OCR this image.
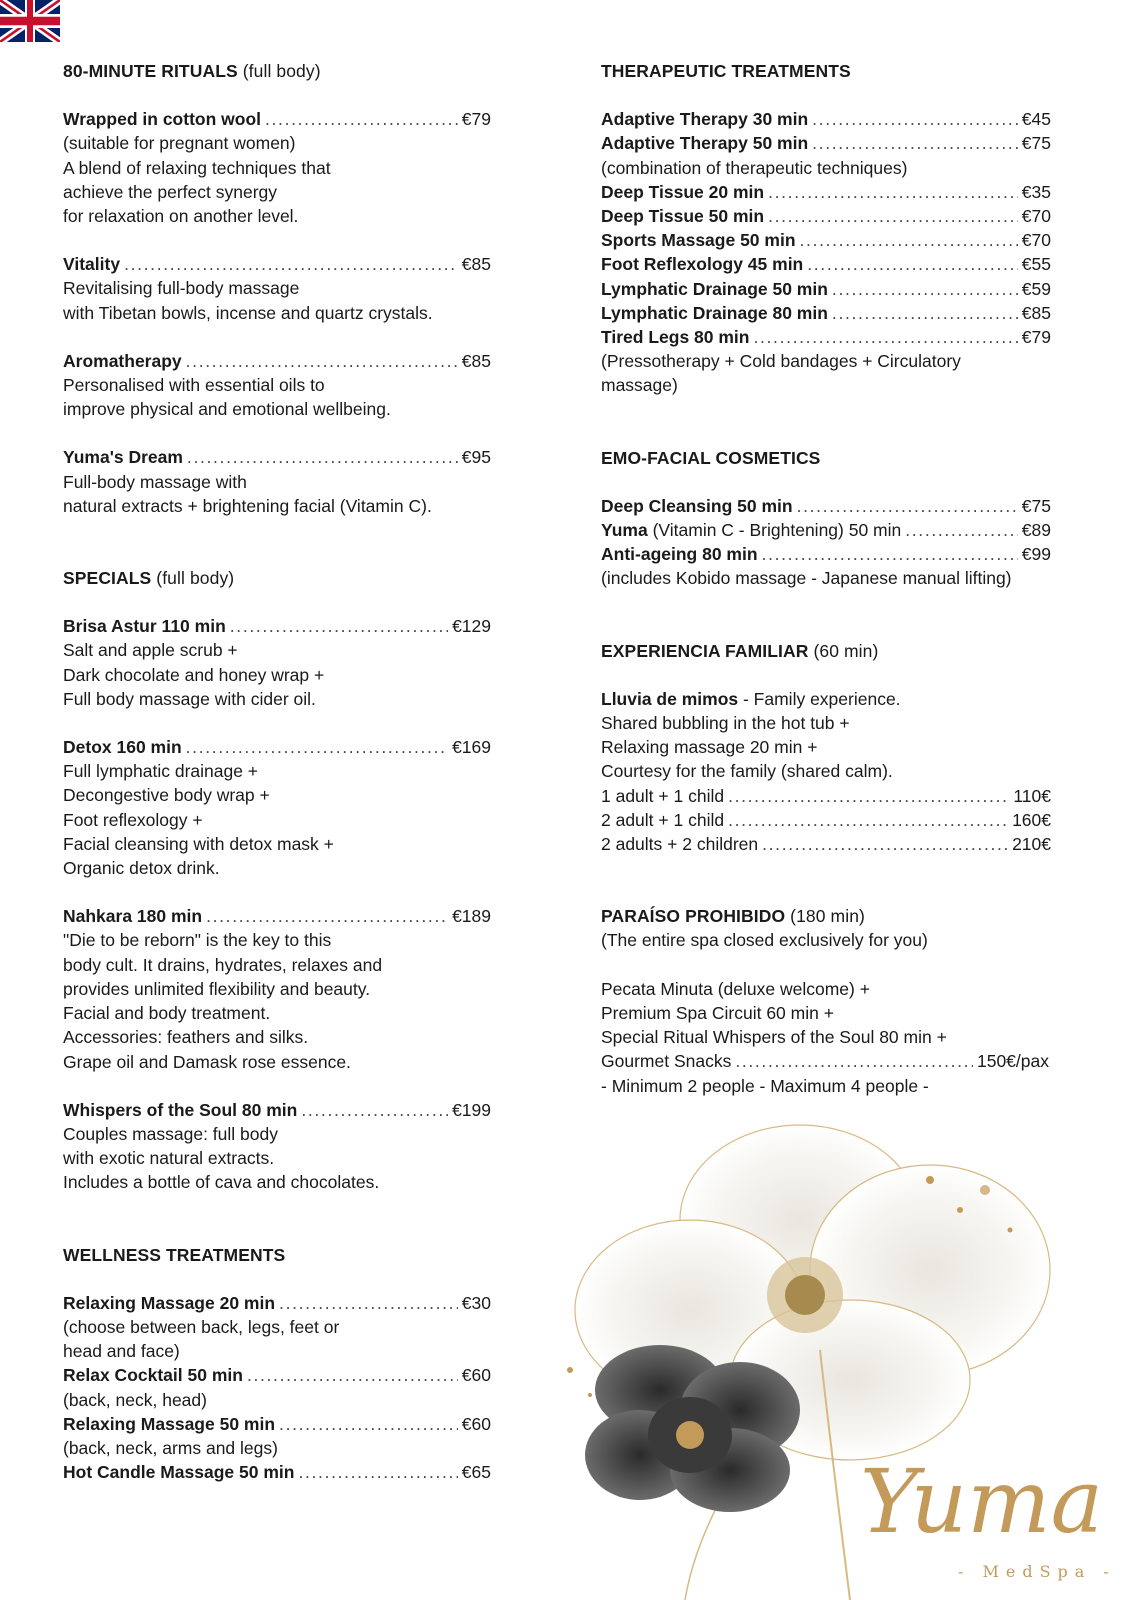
80-MINUTE RITUALS (full body)
Wrapped in cotton wool . . .	€79
(suitable for pregnant women)
A blend of relaxing techniques that
achieve the perfect synergy
for relaxation on another level.
Vitality . . .	€85
Revitalising full-body massage
with Tibetan bowls, incense and quartz crystals.
Aromatherapy . . .	€85
Personalised with essential oils to
improve physical and emotional wellbeing.
Yuma's Dream . . .	€95
Full-body massage with
natural extracts + brightening facial (Vitamin C).
SPECIALS (full body)
Brisa Astur 110 min . . .	€129
Salt and apple scrub +
Dark chocolate and honey wrap +
Full body massage with cider oil.
Detox 160 min . . .	€169
Full lymphatic drainage +
Decongestive body wrap +
Foot reflexology +
Facial cleansing with detox mask +
Organic detox drink.
Nahkara 180 min . . .	€189
"Die to be reborn" is the key to this
body cult. It drains, hydrates, relaxes and
provides unlimited flexibility and beauty.
Facial and body treatment.
Accessories: feathers and silks.
Grape oil and Damask rose essence.
Whispers of the Soul 80 min . . .	€199
Couples massage: full body
with exotic natural extracts.
Includes a bottle of cava and chocolates.
WELLNESS TREATMENTS
Relaxing Massage 20 min . . .	€30
(choose between back, legs, feet or
head and face)
Relax Cocktail 50 min . . .	€60
(back, neck, head)
Relaxing Massage 50 min . . .	€60
(back, neck, arms and legs)
Hot Candle Massage 50 min . . .	€65
THERAPEUTIC TREATMENTS
Adaptive Therapy 30 min . . .	€45
Adaptive Therapy 50 min . . .	€75
(combination of therapeutic techniques)
Deep Tissue 20 min . . .	€35
Deep Tissue 50 min . . .	€70
Sports Massage 50 min . . .	€70
Foot Reflexology 45 min . . .	€55
Lymphatic Drainage 50 min . . .	€59
Lymphatic Drainage 80 min . . .	€85
Tired Legs 80 min . . .	€79
(Pressotherapy + Cold bandages + Circulatory
massage)
EMO-FACIAL COSMETICS
Deep Cleansing 50 min . . .	€75
Yuma (Vitamin C - Brightening) 50 min . . .	€89
Anti-ageing 80 min . . .	€99
(includes Kobido massage - Japanese manual lifting)
EXPERIENCIA FAMILIAR (60 min)
Lluvia de mimos - Family experience.
Shared bubbling in the hot tub +
Relaxing massage 20 min +
Courtesy for the family (shared calm).
1 adult + 1 child . . .	110€
2 adult + 1 child . . .	160€
2 adults + 2 children . . .	210€
PARAÍSO PROHIBIDO (180 min)
(The entire spa closed exclusively for you)
Pecata Minuta (deluxe welcome) +
Premium Spa Circuit 60 min +
Special Ritual Whispers of the Soul 80 min +
Gourmet Snacks . . .	150€/pax
- Minimum 2 people - Maximum 4 people -
Yuma
- MedSpa -
